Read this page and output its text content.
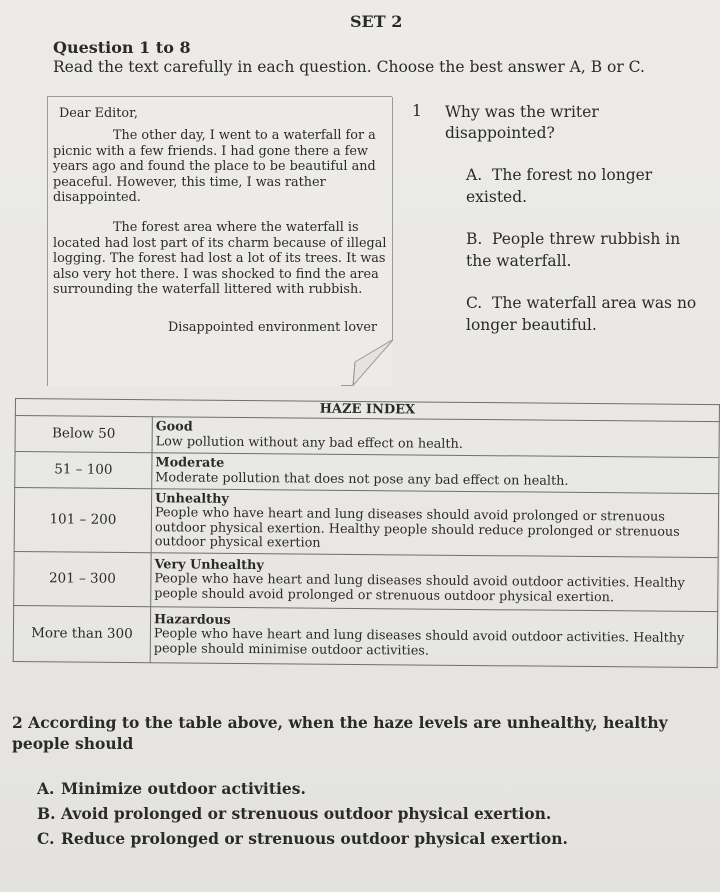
SET 2
Question 1 to 8
Read the text carefully in each question. Choose the best answer A, B or C.
Dear Editor,

The other day, I went to a waterfall for a picnic with a few friends. I had gone there a few years ago and found the place to be beautiful and peaceful. However, this time, I was rather disappointed.

The forest area where the waterfall is located had lost part of its charm because of illegal logging. The forest had lost a lot of its trees. It was also very hot there. I was shocked to find the area surrounding the waterfall littered with rubbish.

Disappointed environment lover
1 Why was the writer disappointed?
A. The forest no longer existed.
B. People threw rubbish in the waterfall.
C. The waterfall area was no longer beautiful.
HAZE INDEX	
Below 50	Good
Low pollution without any bad effect on health.

51 – 100	Moderate
Moderate pollution that does not pose any bad effect on health.

101 – 200	Unhealthy
People who have heart and lung diseases should avoid prolonged or strenuous outdoor physical exertion. Healthy people should reduce prolonged or strenuous outdoor physical exertion

201 – 300	Very Unhealthy
People who have heart and lung diseases should avoid outdoor activities. Healthy people should avoid prolonged or strenuous outdoor physical exertion.

More than 300	Hazardous
People who have heart and lung diseases should avoid outdoor activities. Healthy people should minimise outdoor activities.
2 According to the table above, when the haze levels are unhealthy, healthy people should
A. Minimize outdoor activities.
B. Avoid prolonged or strenuous outdoor physical exertion.
C. Reduce prolonged or strenuous outdoor physical exertion.
